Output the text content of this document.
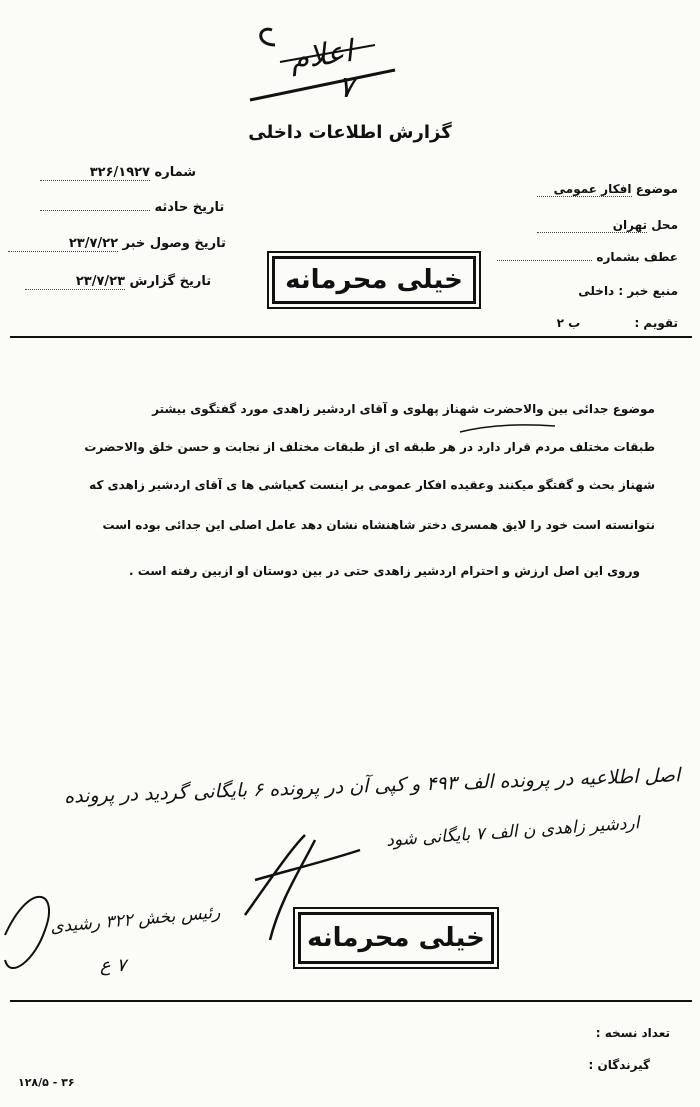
اعلام
۷
گزارش اطلاعات داخلی
موضوع افکار عمومی
محل تهران
عطف بشماره
منبع خبر : داخلی
تقویم : ب ۲
شماره ۳۲۶/۱۹۲۷
تاریخ حادثه
تاریخ وصول خبر ۲۳/۷/۲۲
تاریخ گزارش ۲۳/۷/۲۳	خیلی محرمانه
موضوع جدائی بین والاحضرت شهناز پهلوی و آقای اردشیر زاهدی مورد گفتگوی بیشتر
طبقات مختلف مردم قرار دارد در هر طبقه ای از طبقات مختلف از نجابت و حسن خلق والاحضرت
شهناز بحث و گفتگو میکنند وعقیده افکار عمومی بر اینست کعیاشی ها ی آقای اردشیر زاهدی که
نتوانسته است خود را لایق همسری دختر شاهنشاه نشان دهد عامل اصلی این جدائی بوده است
وروی این اصل ارزش و احترام اردشیر زاهدی حتی در بین دوستان او ازبین رفته است .
اصل اطلاعیه در پرونده الف ۴۹۳ و کپی آن در پرونده ۶ بایگانی گردید در پرونده
اردشیر زاهدی ن الف ۷ بایگانی شود
رئیس بخش ۳۲۲ رشیدی
۷ ع
خیلی محرمانه
تعداد نسخه :
گیرندگان :
۳۶ - ۱۲۸/۵
